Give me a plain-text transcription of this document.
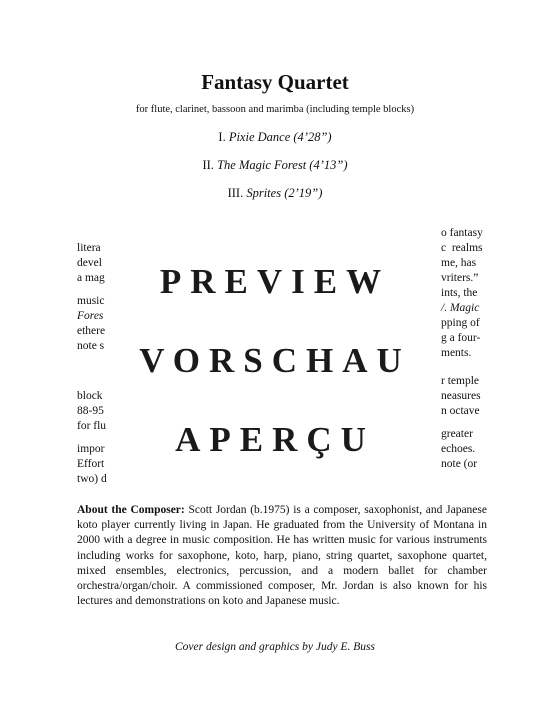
Fantasy Quartet
for flute, clarinet, bassoon and marimba (including temple blocks)
I. Pixie Dance (4’28”)
II. The Magic Forest (4’13”)
III. Sprites (2’19”)
litera
devel
a mag
music
Fores
ethere
note s
block
88-95
for flu
impor
Effort
two) d
o fantasy
c  realms
me, has
vriters.”
ints, the
/. Magic
pping of
g a four-
ments.
r temple
neasures
n octave
greater
echoes.
note (or
PREVIEW
VORSCHAU
APERÇU
About the Composer: Scott Jordan (b.1975) is a composer, saxophonist, and Japanese koto player currently living in Japan. He graduated from the University of Montana in 2000 with a degree in music composition. He has written music for various instruments including works for saxophone, koto, harp, piano, string quartet, saxophone quartet, mixed ensembles, electronics, percussion, and a modern ballet for chamber orchestra/organ/choir. A commissioned composer, Mr. Jordan is also known for his lectures and demonstrations on koto and Japanese music.
Cover design and graphics by Judy E. Buss
